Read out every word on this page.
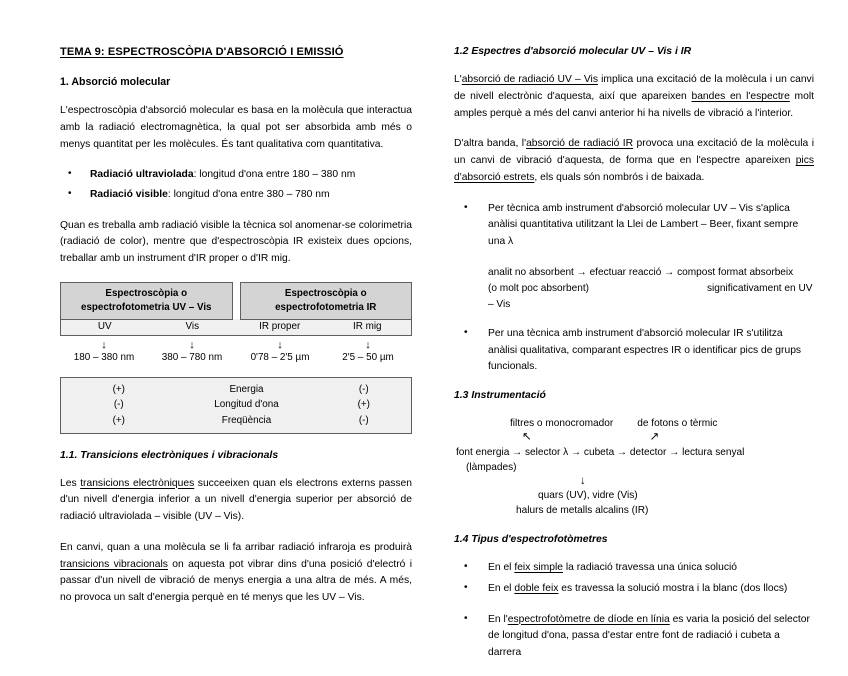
TEMA 9: ESPECTROSCÒPIA D'ABSORCIÓ I EMISSIÓ
1. Absorció molecular

L'espectroscòpia d'absorció molecular es basa en la molècula que interactua amb la radiació electromagnètica, la qual pot ser absorbida amb més o menys quantitat per les molècules. És tant qualitativa com quantitativa.

• Radiació ultraviolada: longitud d'ona entre 180 – 380 nm
• Radiació visible: longitud d'ona entre 380 – 780 nm

Quan es treballa amb radiació visible la tècnica sol anomenar-se colorimetria (radiació de color), mentre que d'espectroscòpia IR existeix dues opcions, treballar amb un instrument d'IR proper o d'IR mig.

Espectroscòpia o espectrofotometria UV – Vis
Espectroscòpia o espectrofotometria IR
UV	Vis	IR proper	IR mig
↓	↓	↓	↓
180 – 380 nm	380 – 780 nm	0'78 – 2'5 µm	2'5 – 50 µm
(+)	Energia	(-)
(-)	Longitud d'ona	(+)
(+)	Freqüència	(-)
1.1. Transicions electròniques i vibracionals

Les transicions electròniques succeeixen quan els electrons externs passen d'un nivell d'energia inferior a un nivell d'energia superior per absorció de radiació ultraviolada – visible (UV – Vis).

En canvi, quan a una molècula se li fa arribar radiació infraroja es produirà transicions vibracionals on aquesta pot vibrar dins d'una posició d'electró i passar d'un nivell de vibració de menys energia a una altra de més. A més, no provoca un salt d'energia perquè en té menys que les UV – Vis.

1.2 Espectres d'absorció molecular UV – Vis i IR

L'absorció de radiació UV – Vis implica una excitació de la molècula i un canvi de nivell electrònic d'aquesta, així que apareixen bandes en l'espectre molt amples perquè a més del canvi anterior hi ha nivells de vibració a l'interior.

D'altra banda, l'absorció de radiació IR provoca una excitació de la molècula i un canvi de vibració d'aquesta, de forma que en l'espectre apareixen pics d'absorció estrets, els quals són nombrós i de baixada.

• Per tècnica amb instrument d'absorció molecular UV – Vis s'aplica anàlisi quantitativa utilitzant la Llei de Lambert – Beer, fixant sempre una λ
analit no absorbent → efectuar reacció → compost format absorbeix
(o molt poc absorbent)	significativament en UV – Vis
• Per una tècnica amb instrument d'absorció molecular IR s'utilitza anàlisi qualitativa, comparant espectres IR o identificar pics de grups funcionals.
1.3 Instrumentació
filtres o monocromador de fotons o tèrmic
↖	↗
font energia → selector λ → cubeta → detector → lectura senyal
(làmpades)
↓
quars (UV), vidre (Vis)
halurs de metalls alcalins (IR)
1.4 Tipus d'espectrofotòmetres
• En el feix simple la radiació travessa una única solució
• En el doble feix es travessa la solució mostra i la blanc (dos llocs)
• En l'espectrofotòmetre de díode en línia es varia la posició del selector de longitud d'ona, passa d'estar entre font de radiació i cubeta a darrera
